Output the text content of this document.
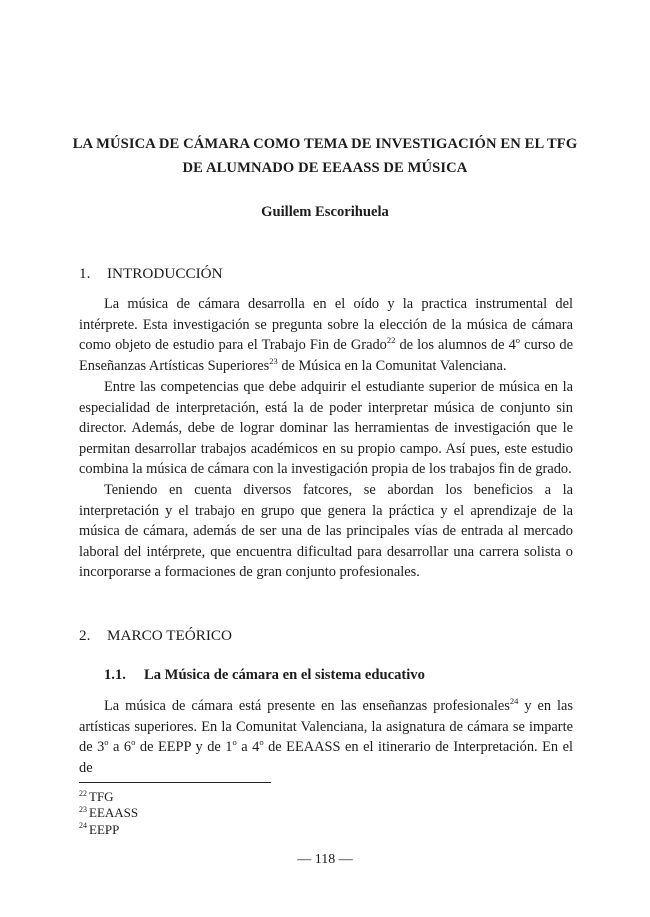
LA MÚSICA DE CÁMARA COMO TEMA DE INVESTIGACIÓN EN EL TFG
DE ALUMNADO DE EEAASS DE MÚSICA

Guillem Escorihuela

1. INTRODUCCIÓN

La música de cámara desarrolla en el oído y la practica instrumental del intérprete. Esta investigación se pregunta sobre la elección de la música de cámara como objeto de estudio para el Trabajo Fin de Grado$^{22}$ de los alumnos de 4$^o$ curso de Enseñanzas Artísticas Superiores$^{23}$ de Música en la Comunitat Valenciana.

Entre las competencias que debe adquirir el estudiante superior de música en la especialidad de interpretación, está la de poder interpretar música de conjunto sin director. Además, debe de lograr dominar las herramientas de investigación que le permitan desarrollar trabajos académicos en su propio campo. Así pues, este estudio combina la música de cámara con la investigación propia de los trabajos fin de grado.

Teniendo en cuenta diversos fatcores, se abordan los beneficios a la interpretación y el trabajo en grupo que genera la práctica y el aprendizaje de la música de cámara, además de ser una de las principales vías de entrada al mercado laboral del intérprete, que encuentra dificultad para desarrollar una carrera solista o incorporarse a formaciones de gran conjunto profesionales.

2. MARCO TEÓRICO
1.1. La Música de cámara en el sistema educativo

La música de cámara está presente en las enseñanzas profesionales$^{24}$ y en las artísticas superiores. En la Comunitat Valenciana, la asignatura de cámara se imparte de 3$^o$ a 6$^o$ de EEPP y de 1$^o$ a 4$^o$ de EEAASS en el itinerario de Interpretación. En el de

$^{22}$ TFG
$^{23}$ EEAASS
$^{24}$ EEPP
— 118 —
